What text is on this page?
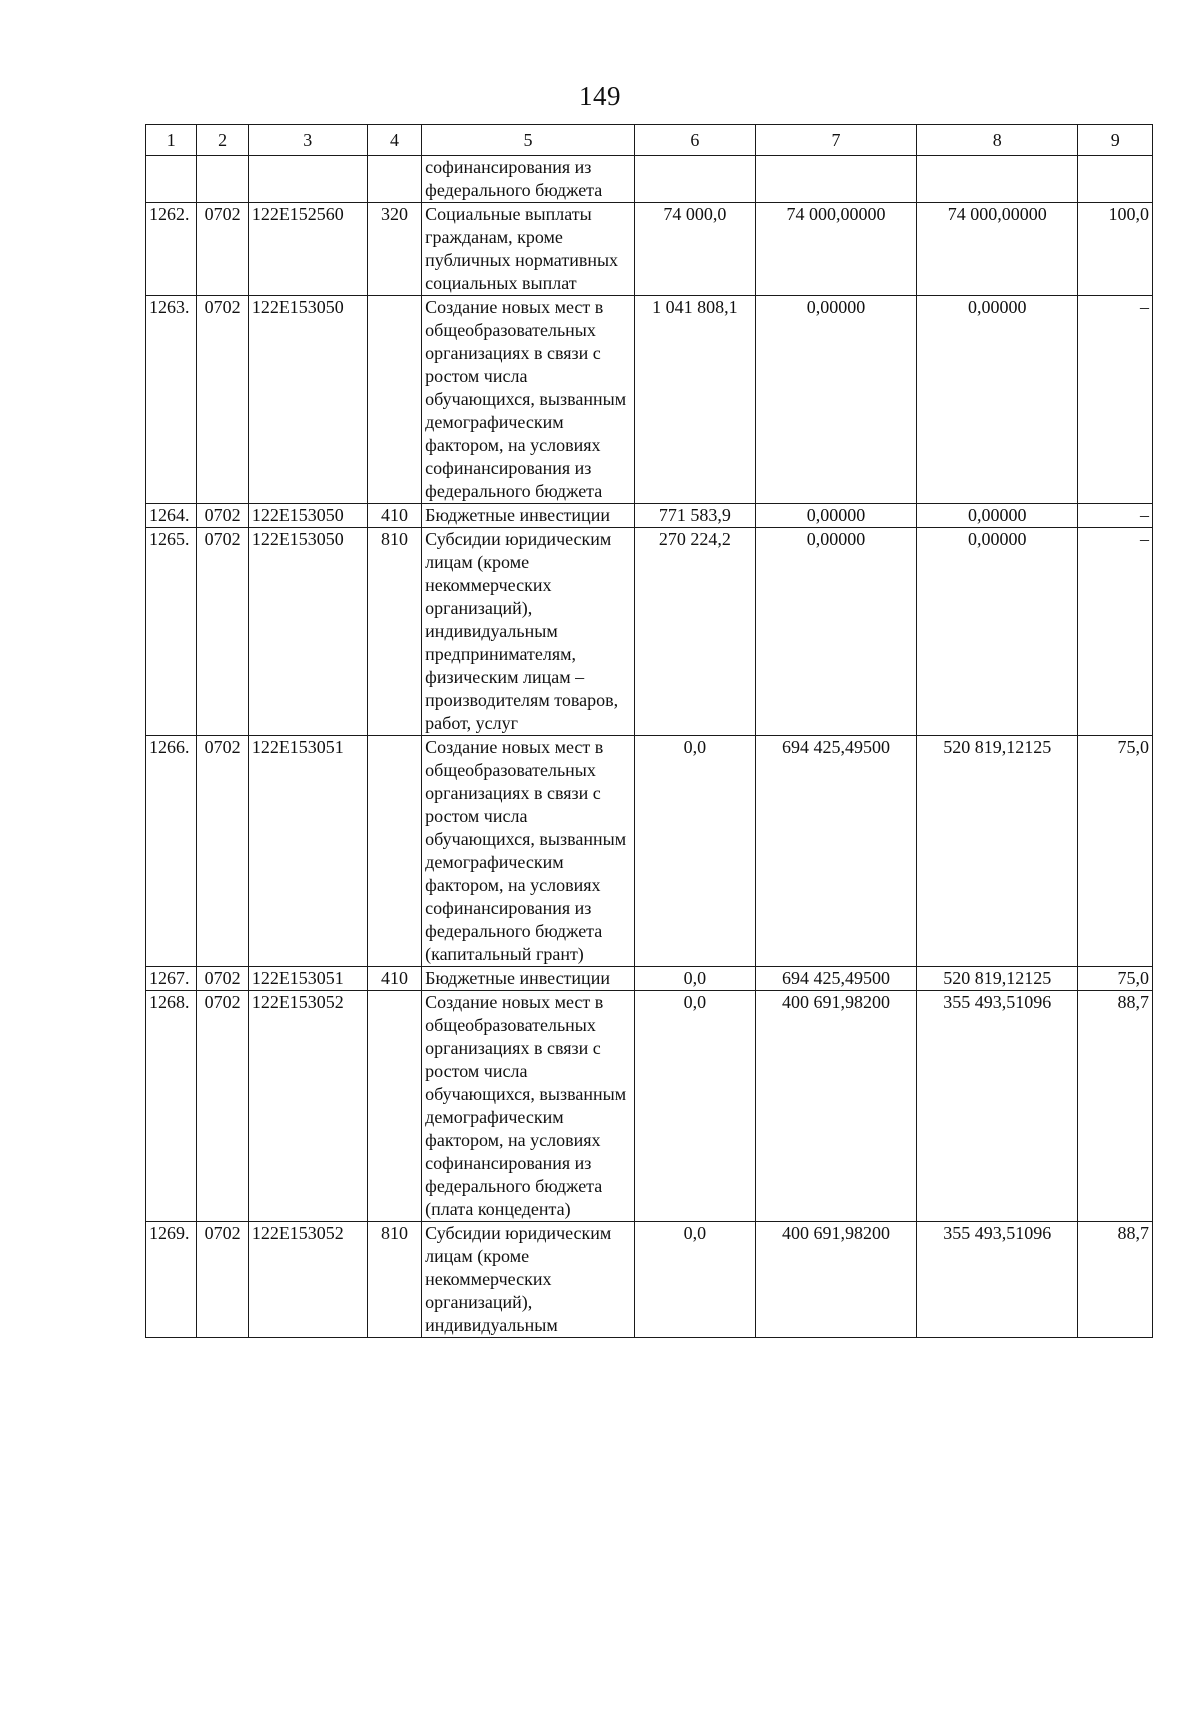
149
1	2	3	4	5	6	7	8	9
				софинансирования из федерального бюджета				
1262.	0702	122E152560	320	Социальные выплаты гражданам, кроме публичных нормативных социальных выплат	74 000,0	74 000,00000	74 000,00000	100,0
1263.	0702	122E153050		Создание новых мест в общеобразовательных организациях в связи с ростом числа обучающихся, вызванным демографическим фактором, на условиях софинансирования из федерального бюджета	1 041 808,1	0,00000	0,00000	–
1264.	0702	122E153050	410	Бюджетные инвестиции	771 583,9	0,00000	0,00000	–
1265.	0702	122E153050	810	Субсидии юридическим лицам (кроме некоммерческих организаций), индивидуальным предпринимателям, физическим лицам – производителям товаров, работ, услуг	270 224,2	0,00000	0,00000	–
1266.	0702	122E153051		Создание новых мест в общеобразовательных организациях в связи с ростом числа обучающихся, вызванным демографическим фактором, на условиях софинансирования из федерального бюджета (капитальный грант)	0,0	694 425,49500	520 819,12125	75,0
1267.	0702	122E153051	410	Бюджетные инвестиции	0,0	694 425,49500	520 819,12125	75,0
1268.	0702	122E153052		Создание новых мест в общеобразовательных организациях в связи с ростом числа обучающихся, вызванным демографическим фактором, на условиях софинансирования из федерального бюджета (плата концедента)	0,0	400 691,98200	355 493,51096	88,7
1269.	0702	122E153052	810	Субсидии юридическим лицам (кроме некоммерческих организаций), индивидуальным	0,0	400 691,98200	355 493,51096	88,7
